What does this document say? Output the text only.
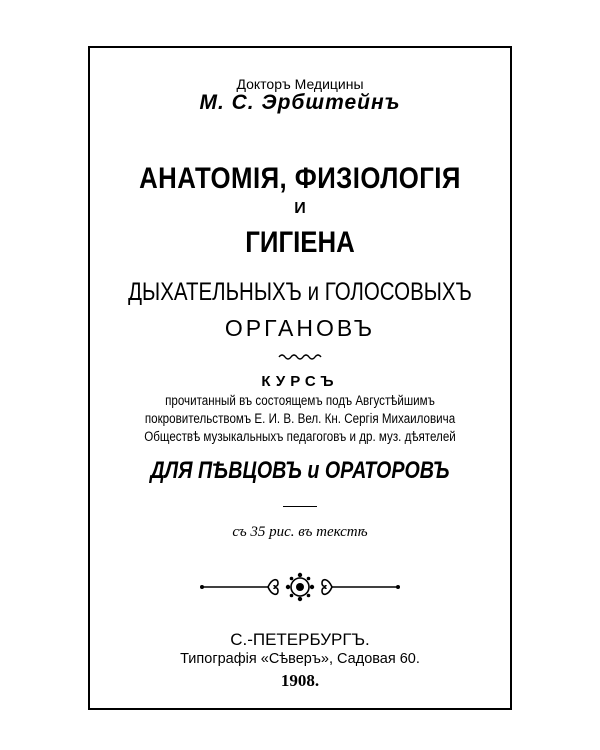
Докторъ Медицины
М. С. Эрбштейнъ
АНАТОМІЯ, ФИЗІОЛОГІЯ
И
ГИГІЕНА
ДЫХАТЕЛЬНЫХЪ и ГОЛОСОВЫХЪ
ОРГАНОВЪ
КУРСЪ
прочитанный въ состоящемъ подъ Августѣйшимъ
покровительствомъ Е. И. В. Вел. Кн. Сергія Михаиловича
Обществѣ музыкальныхъ педагоговъ и др. муз. дѣятелей
ДЛЯ ПѢВЦОВЪ и ОРАТОРОВЪ
съ 35 рис. въ текстѣ
С.-ПЕТЕРБУРГЪ.
Типографія «Сѣверъ», Садовая 60.
1908.
